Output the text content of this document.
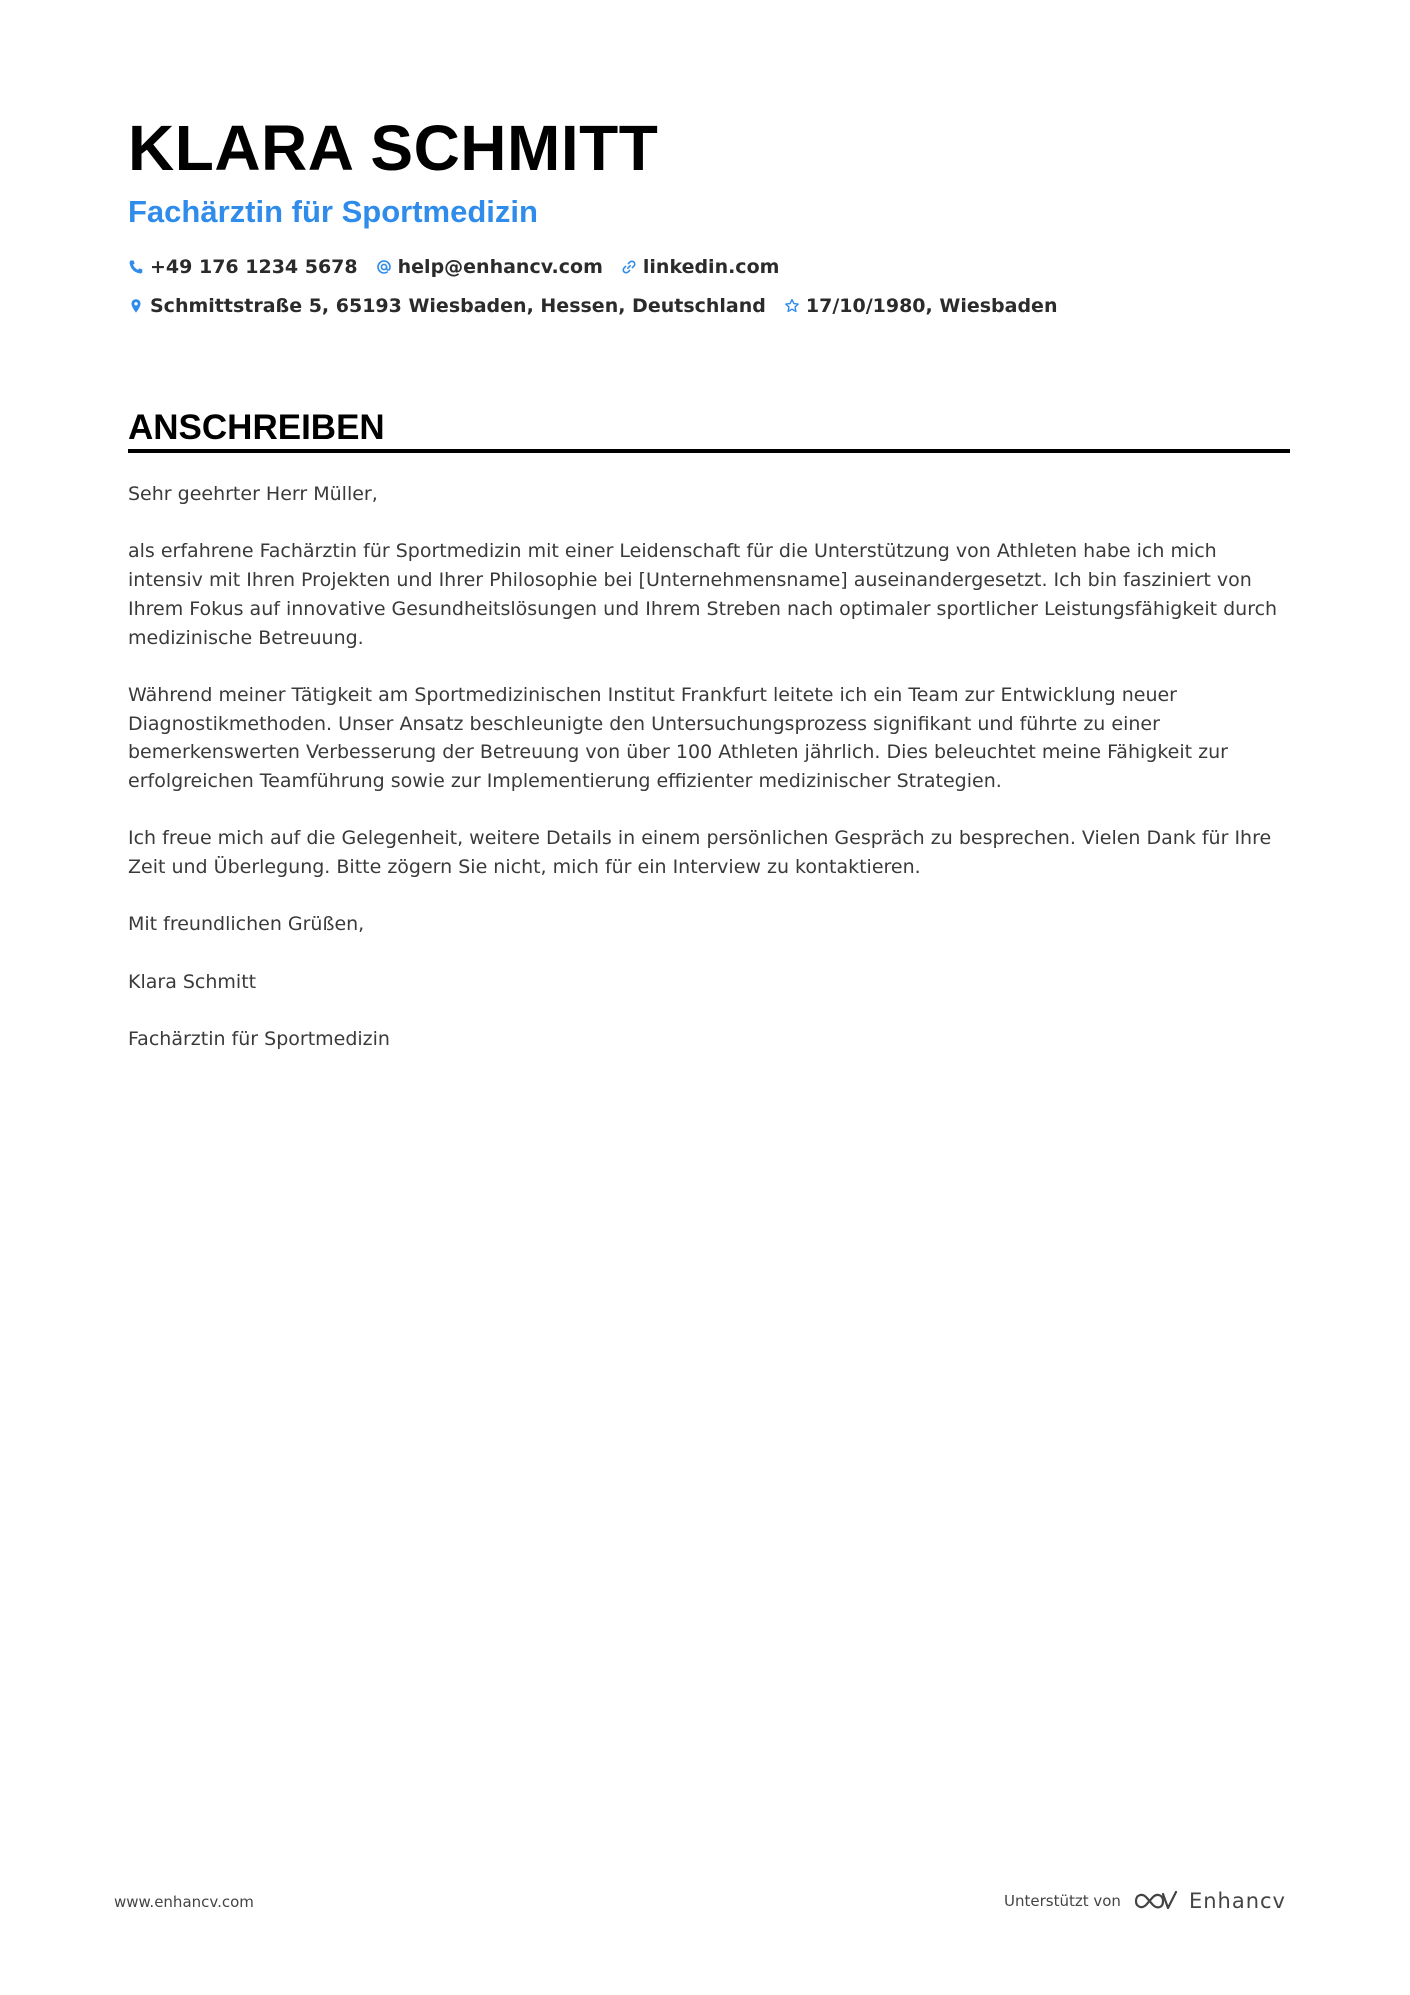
KLARA SCHMITT
Fachärztin für Sportmedizin
+49 176 1234 5678 help@enhancv.com linkedin.com
Schmittstraße 5, 65193 Wiesbaden, Hessen, Deutschland 17/10/1980, Wiesbaden
ANSCHREIBEN

Sehr geehrter Herr Müller,

als erfahrene Fachärztin für Sportmedizin mit einer Leidenschaft für die Unterstützung von Athleten habe ich mich intensiv mit Ihren Projekten und Ihrer Philosophie bei [Unternehmensname] auseinandergesetzt. Ich bin fasziniert von Ihrem Fokus auf innovative Gesundheitslösungen und Ihrem Streben nach optimaler sportlicher Leistungsfähigkeit durch medizinische Betreuung.

Während meiner Tätigkeit am Sportmedizinischen Institut Frankfurt leitete ich ein Team zur Entwicklung neuer Diagnostikmethoden. Unser Ansatz beschleunigte den Untersuchungsprozess signifikant und führte zu einer bemerkenswerten Verbesserung der Betreuung von über 100 Athleten jährlich. Dies beleuchtet meine Fähigkeit zur erfolgreichen Teamführung sowie zur Implementierung effizienter medizinischer Strategien.

Ich freue mich auf die Gelegenheit, weitere Details in einem persönlichen Gespräch zu besprechen. Vielen Dank für Ihre Zeit und Überlegung. Bitte zögern Sie nicht, mich für ein Interview zu kontaktieren.

Mit freundlichen Grüßen,

Klara Schmitt

Fachärztin für Sportmedizin

www.enhancv.com	Unterstützt von	Enhancv
